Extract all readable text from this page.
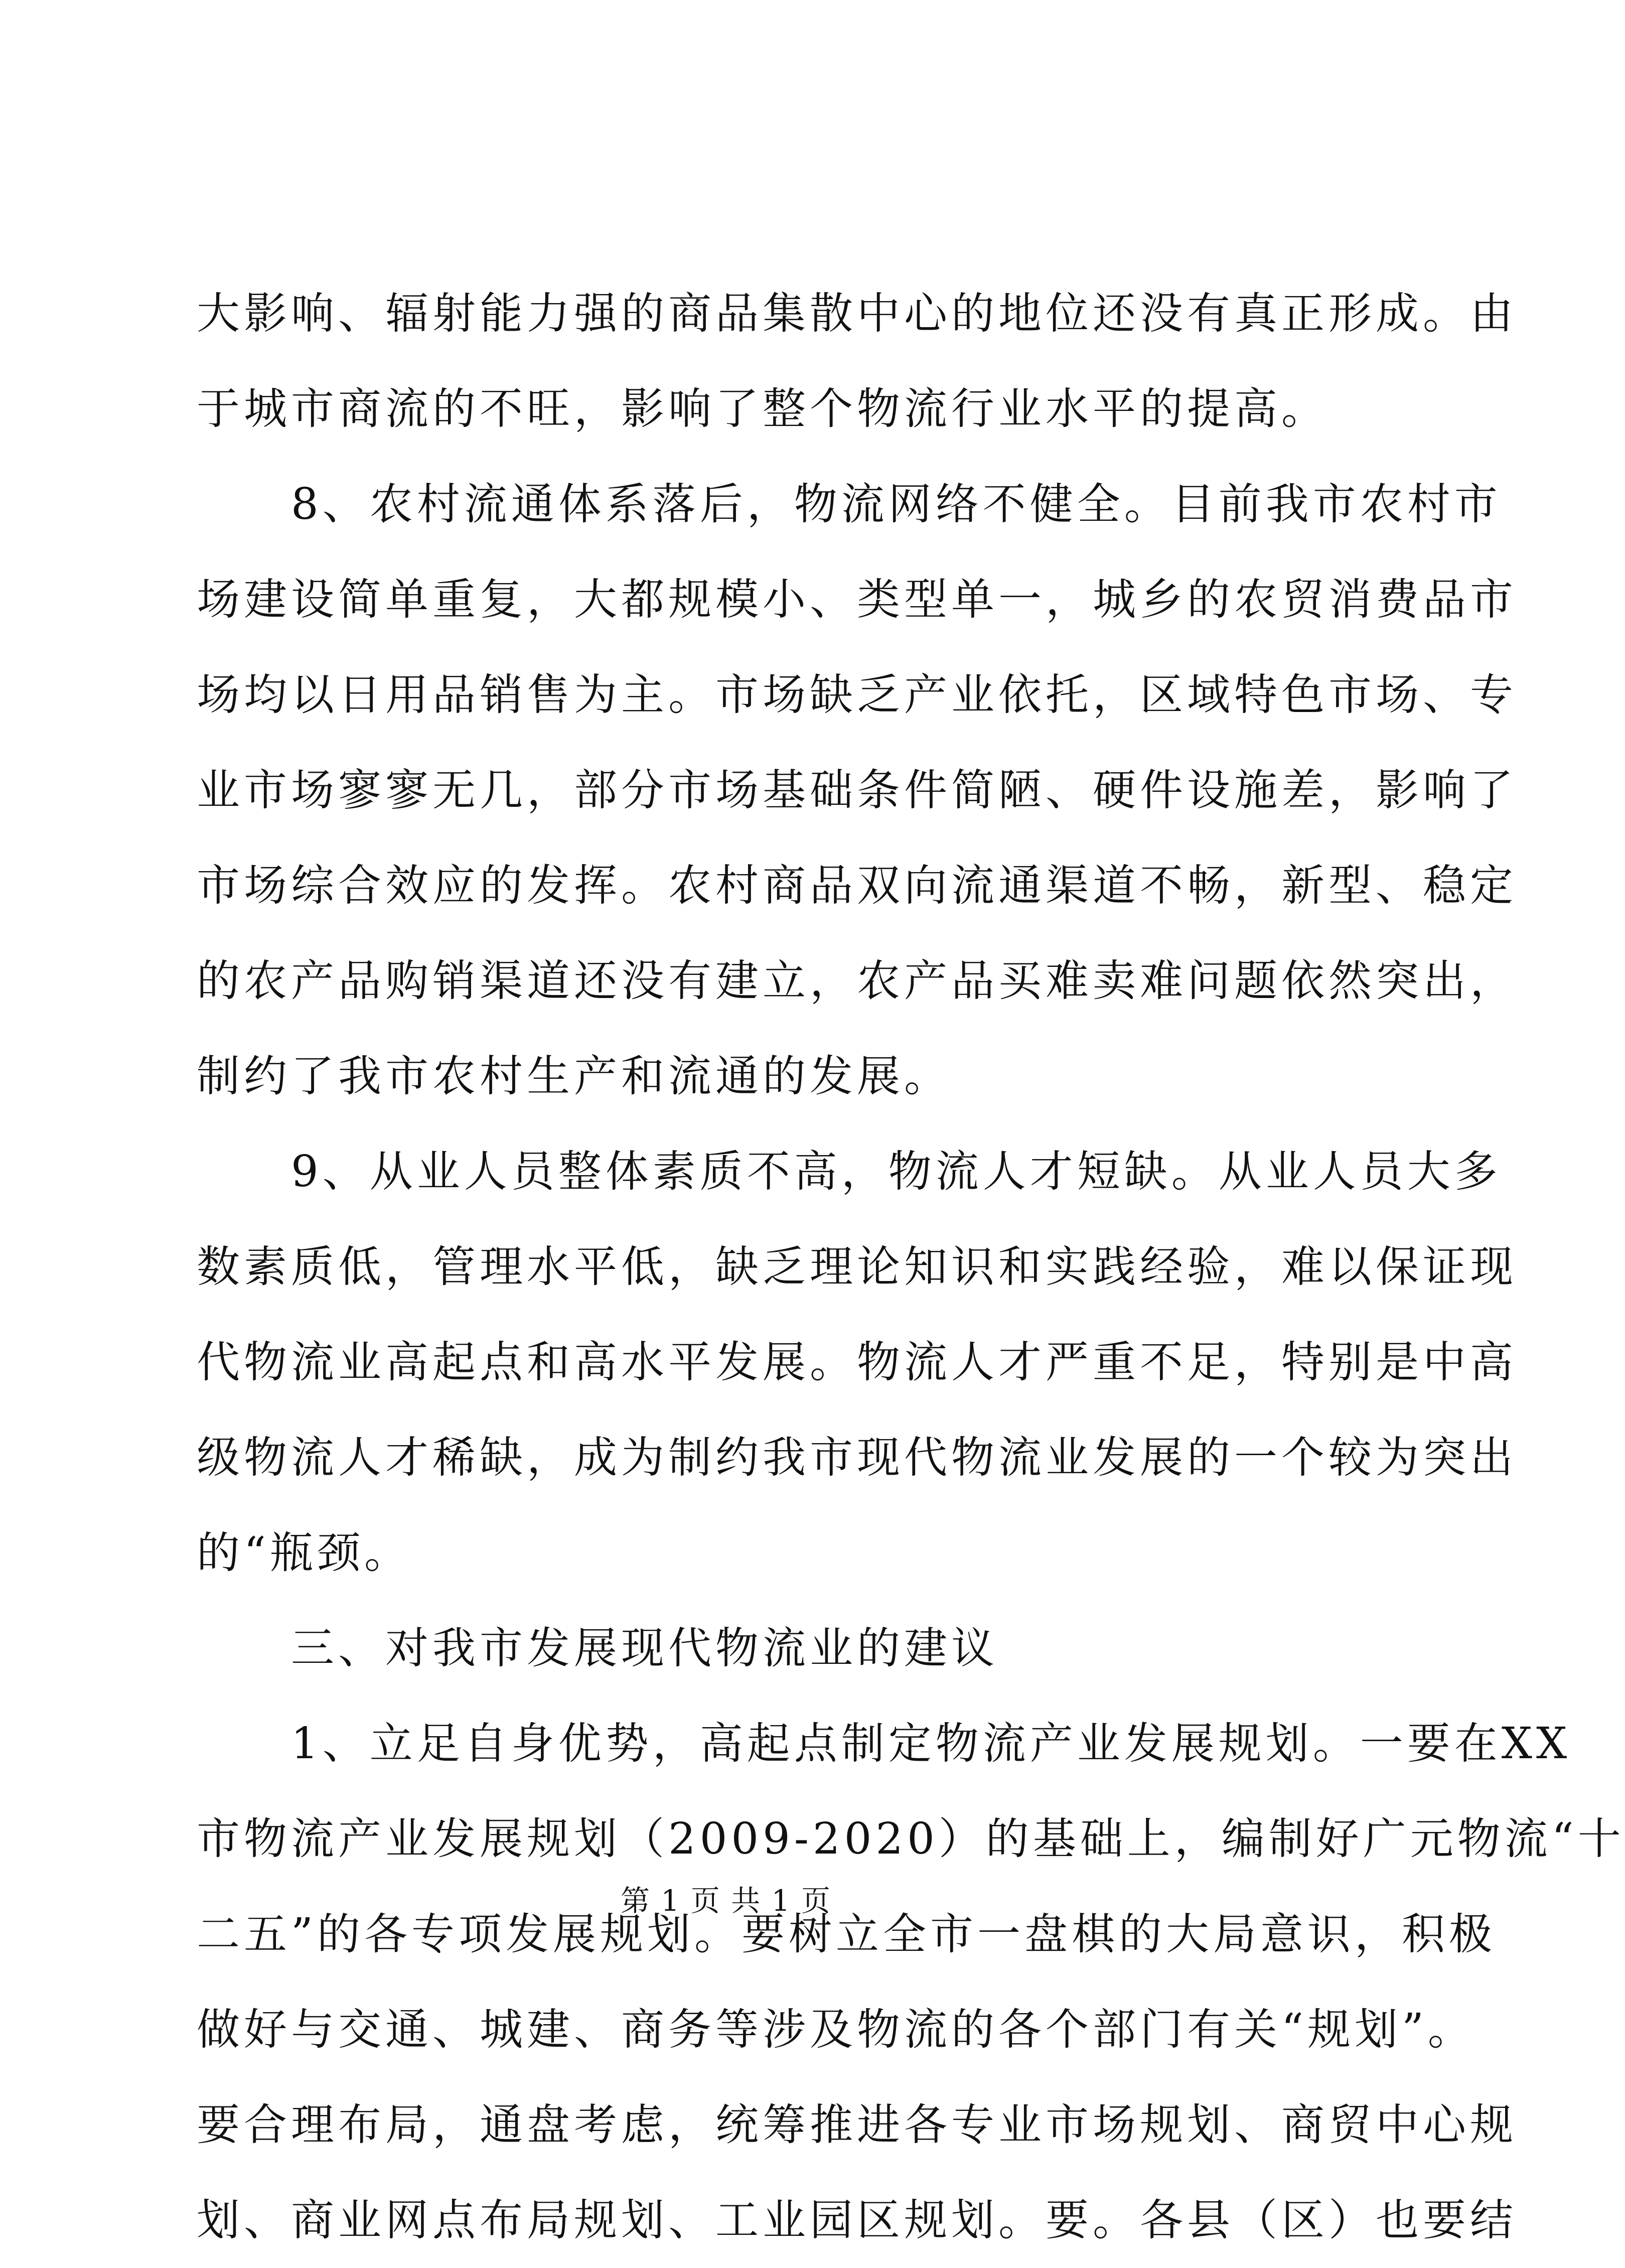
大影响、辐射能力强的商品集散中心的地位还没有真正形成。由
于城市商流的不旺，影响了整个物流行业水平的提高。
　　8、农村流通体系落后，物流网络不健全。目前我市农村市
场建设简单重复，大都规模小、类型单一，城乡的农贸消费品市
场均以日用品销售为主。市场缺乏产业依托，区域特色市场、专
业市场寥寥无几，部分市场基础条件简陋、硬件设施差，影响了
市场综合效应的发挥。农村商品双向流通渠道不畅，新型、稳定
的农产品购销渠道还没有建立，农产品买难卖难问题依然突出，
制约了我市农村生产和流通的发展。
　　9、从业人员整体素质不高，物流人才短缺。从业人员大多
数素质低，管理水平低，缺乏理论知识和实践经验，难以保证现
代物流业高起点和高水平发展。物流人才严重不足，特别是中高
级物流人才稀缺，成为制约我市现代物流业发展的一个较为突出
的“瓶颈。
　　三、对我市发展现代物流业的建议
　　1、立足自身优势，高起点制定物流产业发展规划。一要在XX
市物流产业发展规划（2009-2020）的基础上，编制好广元物流“十
二五”的各专项发展规划。要树立全市一盘棋的大局意识，积极
做好与交通、城建、商务等涉及物流的各个部门有关“规划”。
要合理布局，通盘考虑，统筹推进各专业市场规划、商贸中心规
划、商业网点布局规划、工业园区规划。要。各县（区）也要结
第 1 页 共 1 页
